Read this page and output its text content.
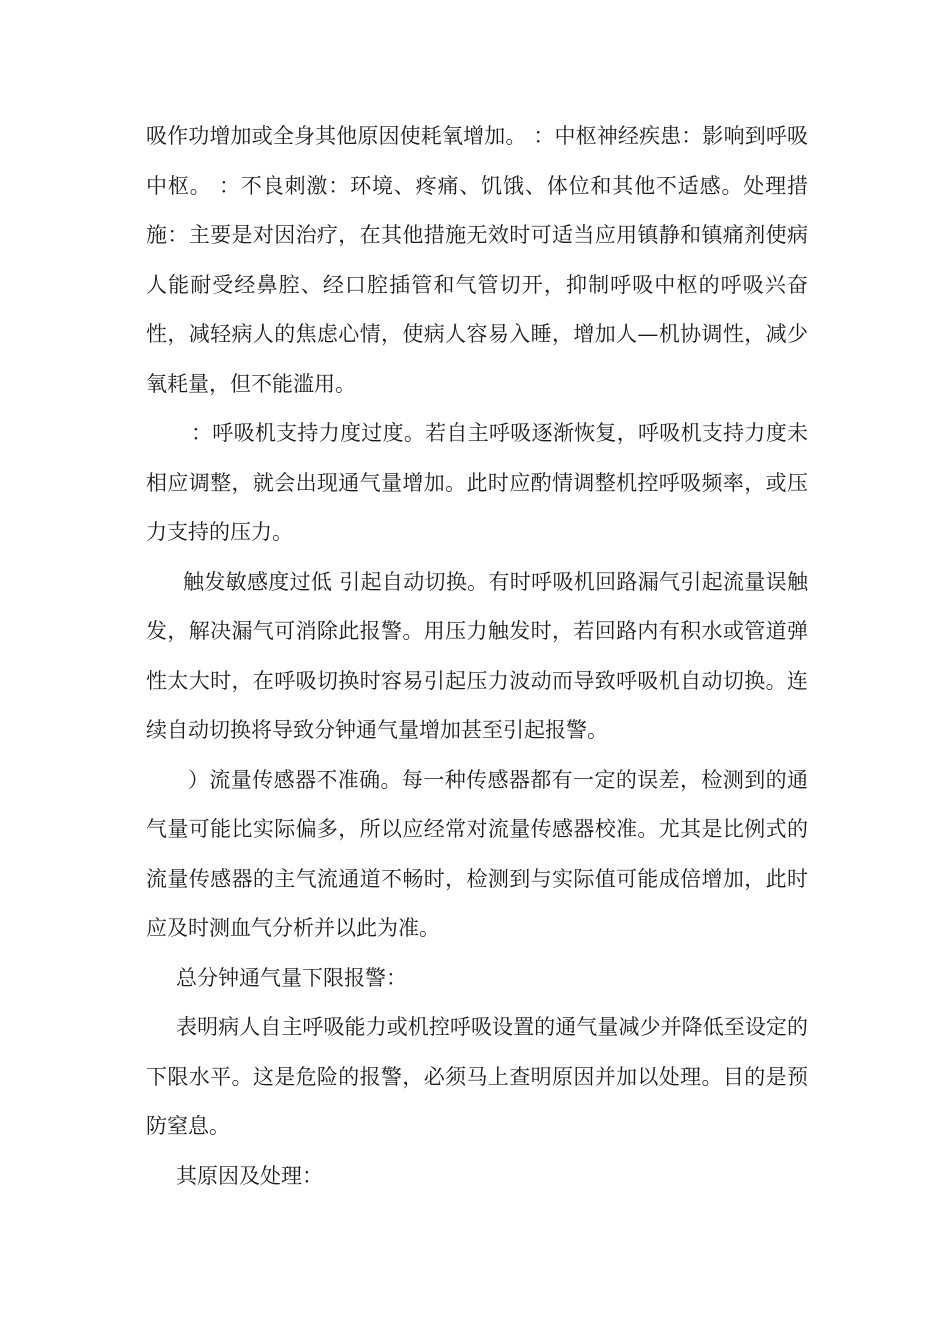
吸作功增加或全身其他原因使耗氧增加。 ：中枢神经疾患：影响到呼吸中枢。 ：不良刺激：环境、疼痛、饥饿、体位和其他不适感。处理措施：主要是对因治疗，在其他措施无效时可适当应用镇静和镇痛剂使病人能耐受经鼻腔、经口腔插管和气管切开，抑制呼吸中枢的呼吸兴奋性，减轻病人的焦虑心情，使病人容易入睡，增加人—机协调性，减少氧耗量，但不能滥用。

：呼吸机支持力度过度。若自主呼吸逐渐恢复，呼吸机支持力度未相应调整，就会出现通气量增加。此时应酌情调整机控呼吸频率，或压力支持的压力。

触发敏感度过低 引起自动切换。有时呼吸机回路漏气引起流量误触发，解决漏气可消除此报警。用压力触发时，若回路内有积水或管道弹性太大时，在呼吸切换时容易引起压力波动而导致呼吸机自动切换。连续自动切换将导致分钟通气量增加甚至引起报警。

）流量传感器不准确。每一种传感器都有一定的误差，检测到的通气量可能比实际偏多，所以应经常对流量传感器校准。尤其是比例式的流量传感器的主气流通道不畅时，检测到与实际值可能成倍增加，此时应及时测血气分析并以此为准。

总分钟通气量下限报警：

表明病人自主呼吸能力或机控呼吸设置的通气量减少并降低至设定的下限水平。这是危险的报警，必须马上查明原因并加以处理。目的是预防窒息。

其原因及处理：
